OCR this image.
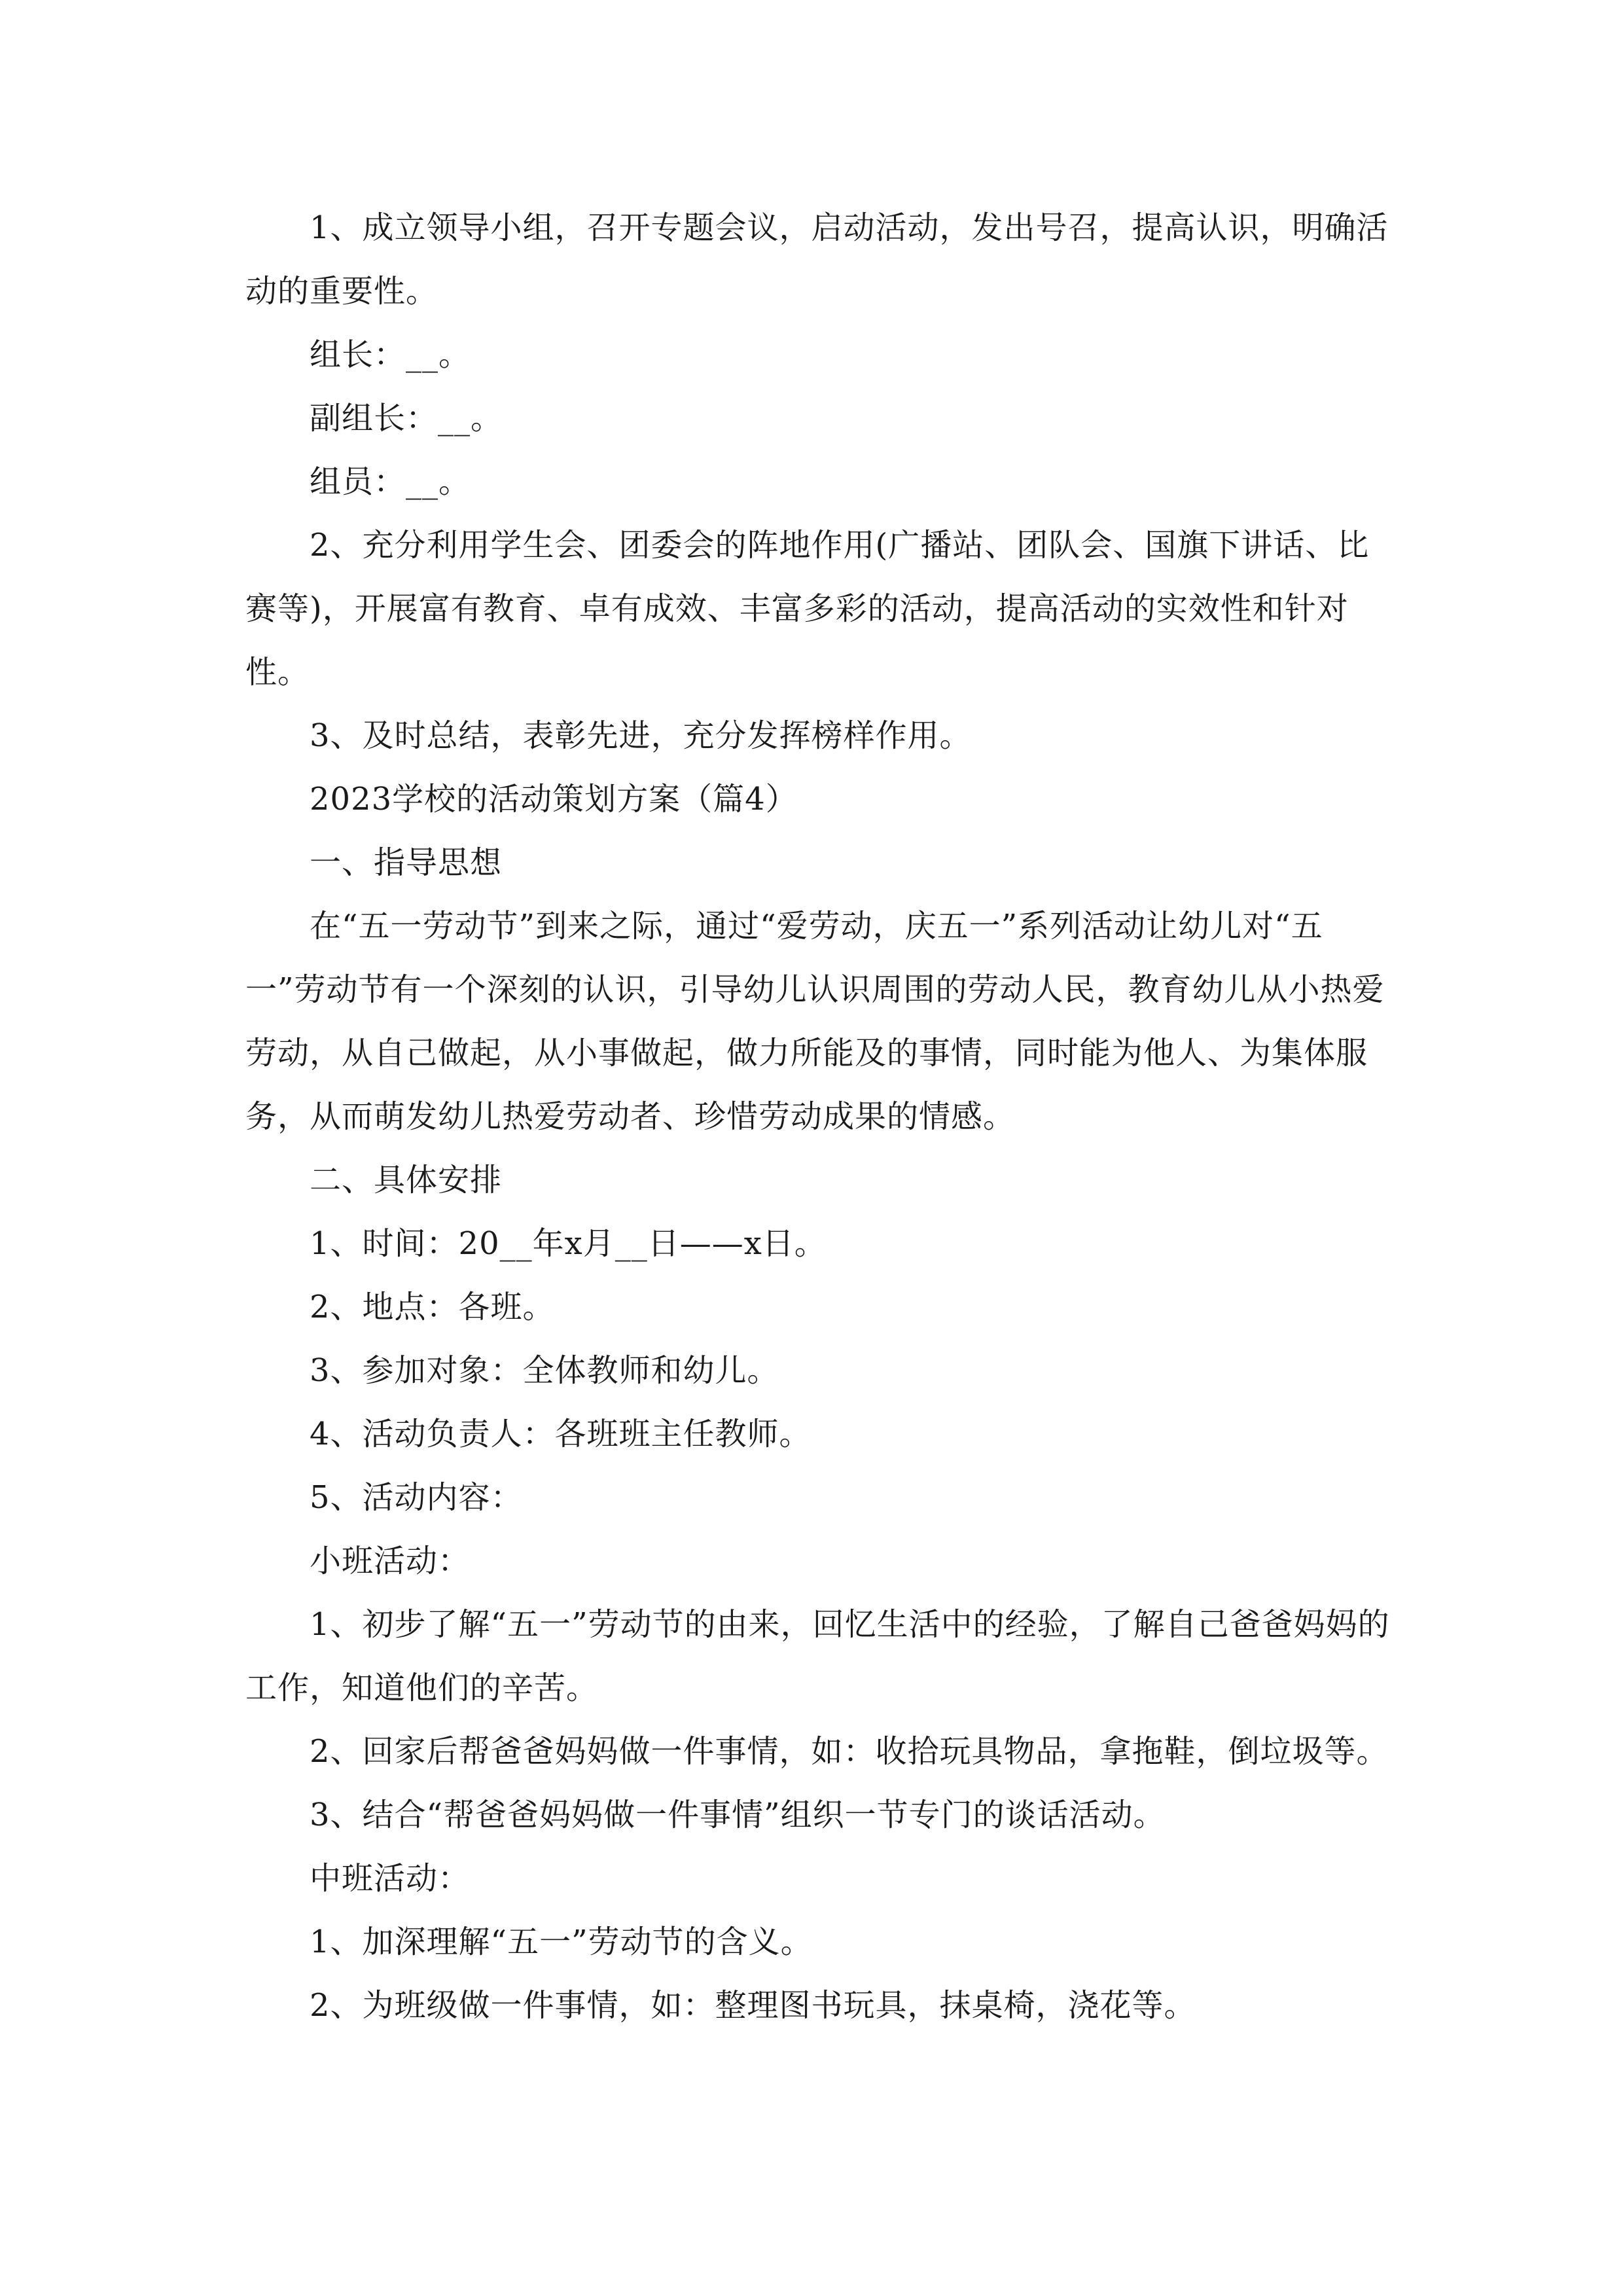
1、成立领导小组，召开专题会议，启动活动，发出号召，提高认识，明确活动的重要性。

组长：__。

副组长：__。

组员：__。

2、充分利用学生会、团委会的阵地作用(广播站、团队会、国旗下讲话、比赛等)，开展富有教育、卓有成效、丰富多彩的活动，提高活动的实效性和针对性。

3、及时总结，表彰先进，充分发挥榜样作用。

2023学校的活动策划方案（篇4）

一、指导思想

在“五一劳动节”到来之际，通过“爱劳动，庆五一”系列活动让幼儿对“五一”劳动节有一个深刻的认识，引导幼儿认识周围的劳动人民，教育幼儿从小热爱劳动，从自己做起，从小事做起，做力所能及的事情，同时能为他人、为集体服务，从而萌发幼儿热爱劳动者、珍惜劳动成果的情感。

二、具体安排

1、时间：20__年x月__日——x日。

2、地点：各班。

3、参加对象：全体教师和幼儿。

4、活动负责人：各班班主任教师。

5、活动内容：

小班活动：

1、初步了解“五一”劳动节的由来，回忆生活中的经验，了解自己爸爸妈妈的工作，知道他们的辛苦。

2、回家后帮爸爸妈妈做一件事情，如：收拾玩具物品，拿拖鞋，倒垃圾等。

3、结合“帮爸爸妈妈做一件事情”组织一节专门的谈话活动。

中班活动：

1、加深理解“五一”劳动节的含义。

2、为班级做一件事情，如：整理图书玩具，抹桌椅，浇花等。
